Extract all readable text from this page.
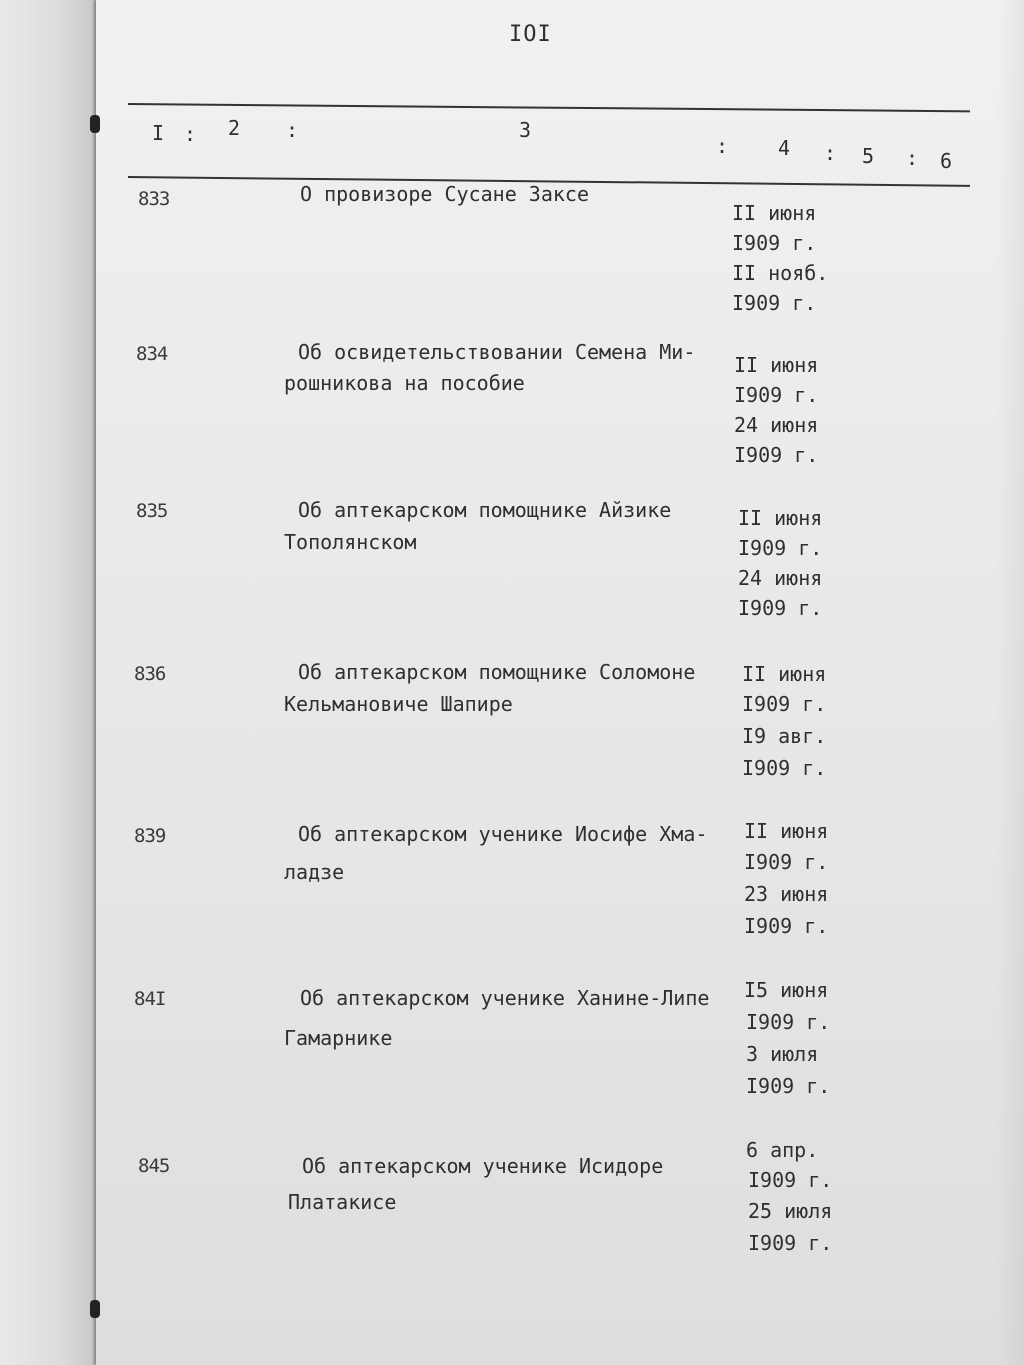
IOI
I : 2 :	3
: 4 : 5 : 6
833	О провизоре Сусане Заксе
II июня
I909 г.
II нояб.
I909 г.
834	Об освидетельствовании Семена Ми-
рошникова на пособие
II июня
I909 г.
24 июня
I909 г.
835	Об аптекарском помощнике Айзике
Тополянском
II июня
I909 г.
24 июня
I909 г.
836	Об аптекарском помощнике Соломоне
Кельмановиче Шапире
II июня
I909 г.
I9 авг.
I909 г.
839	Об аптекарском ученике Иосифе Хма-
ладзе
II июня
I909 г.
23 июня
I909 г.
84I	Об аптекарском ученике Ханине-Липе
Гамарнике
I5 июня
I909 г.
3 июля
I909 г.
845	Об аптекарском ученике Исидоре
Платакисе
6 апр.
I909 г.
25 июля
I909 г.
